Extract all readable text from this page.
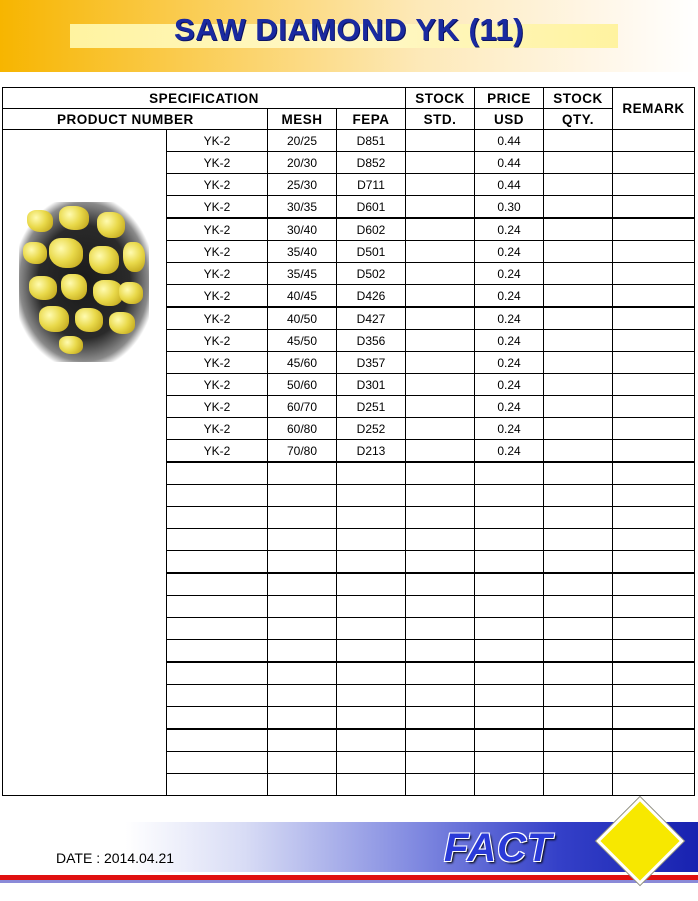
SAW DIAMOND YK (11)
SPECIFICATION				STOCK	PRICE	STOCK	REMARK
PRODUCT NUMBER		MESH	FEPA	STD.	USD	QTY.	

	YK-2	20/25	D851		0.44		
	YK-2	20/30	D852		0.44		
	YK-2	25/30	D711		0.44		
	YK-2	30/35	D601		0.30		
	YK-2	30/40	D602		0.24		
	YK-2	35/40	D501		0.24		
	YK-2	35/45	D502		0.24		
	YK-2	40/45	D426		0.24		
	YK-2	40/50	D427		0.24		
	YK-2	45/50	D356		0.24		
	YK-2	45/60	D357		0.24		
	YK-2	50/60	D301		0.24		
	YK-2	60/70	D251		0.24		
	YK-2	60/80	D252		0.24		
	YK-2	70/80	D213		0.24		

DATE : 2014.04.21	FACT
